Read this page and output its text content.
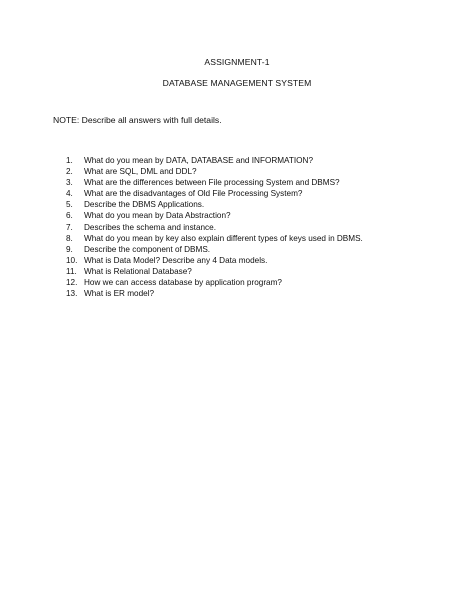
ASSIGNMENT-1
DATABASE MANAGEMENT SYSTEM
NOTE: Describe all answers with full details.
1.	What do you mean by DATA, DATABASE and INFORMATION?
2.	What are SQL, DML and DDL?
3.	What are the differences between File processing System and DBMS?
4.	What are the disadvantages of Old File Processing System?
5.	Describe the DBMS Applications.
6.	What do you mean by Data Abstraction?
7.	Describes the schema and instance.
8.	What do you mean by key also explain different types of keys used in DBMS.
9.	Describe the component of DBMS.
10. What is Data Model? Describe any 4 Data models.
11. What is Relational Database?
12. How we can access database by application program?
13. What is ER model?
